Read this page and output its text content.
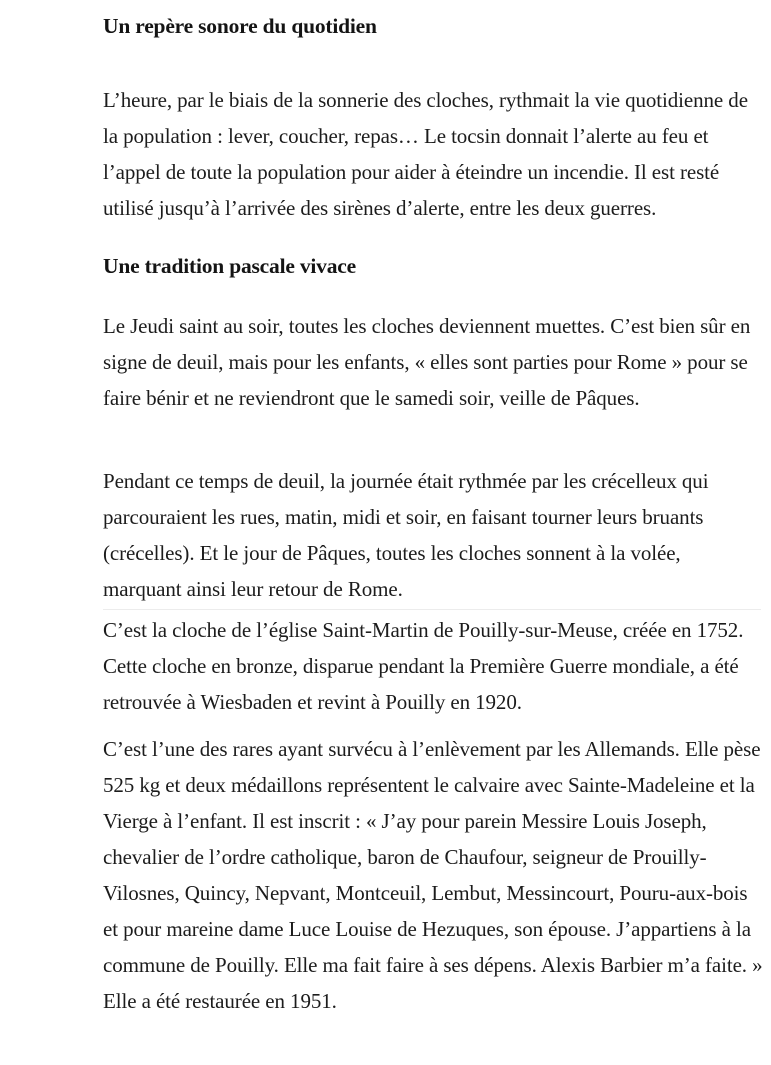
Un repère sonore du quotidien

L’heure, par le biais de la sonnerie des cloches, rythmait la vie quotidienne de la population : lever, coucher, repas… Le tocsin donnait l’alerte au feu et l’appel de toute la population pour aider à éteindre un incendie. Il est resté utilisé jusqu’à l’arrivée des sirènes d’alerte, entre les deux guerres.

Une tradition pascale vivace

Le Jeudi saint au soir, toutes les cloches deviennent muettes. C’est bien sûr en signe de deuil, mais pour les enfants, « elles sont parties pour Rome » pour se faire bénir et ne reviendront que le samedi soir, veille de Pâques.

Pendant ce temps de deuil, la journée était rythmée par les crécelleux qui parcouraient les rues, matin, midi et soir, en faisant tourner leurs bruants (crécelles). Et le jour de Pâques, toutes les cloches sonnent à la volée, marquant ainsi leur retour de Rome.

C’est la cloche de l’église Saint-Martin de Pouilly-sur-Meuse, créée en 1752. Cette cloche en bronze, disparue pendant la Première Guerre mondiale, a été retrouvée à Wiesbaden et revint à Pouilly en 1920.

C’est l’une des rares ayant survécu à l’enlèvement par les Allemands. Elle pèse 525 kg et deux médaillons représentent le calvaire avec Sainte-Madeleine et la Vierge à l’enfant. Il est inscrit : « J’ay pour parein Messire Louis Joseph, chevalier de l’ordre catholique, baron de Chaufour, seigneur de Prouilly-Vilosnes, Quincy, Nepvant, Montceuil, Lembut, Messincourt, Pouru-aux-bois et pour mareine dame Luce Louise de Hezuques, son épouse. J’appartiens à la commune de Pouilly. Elle ma fait faire à ses dépens. Alexis Barbier m’a faite. » Elle a été restaurée en 1951.
